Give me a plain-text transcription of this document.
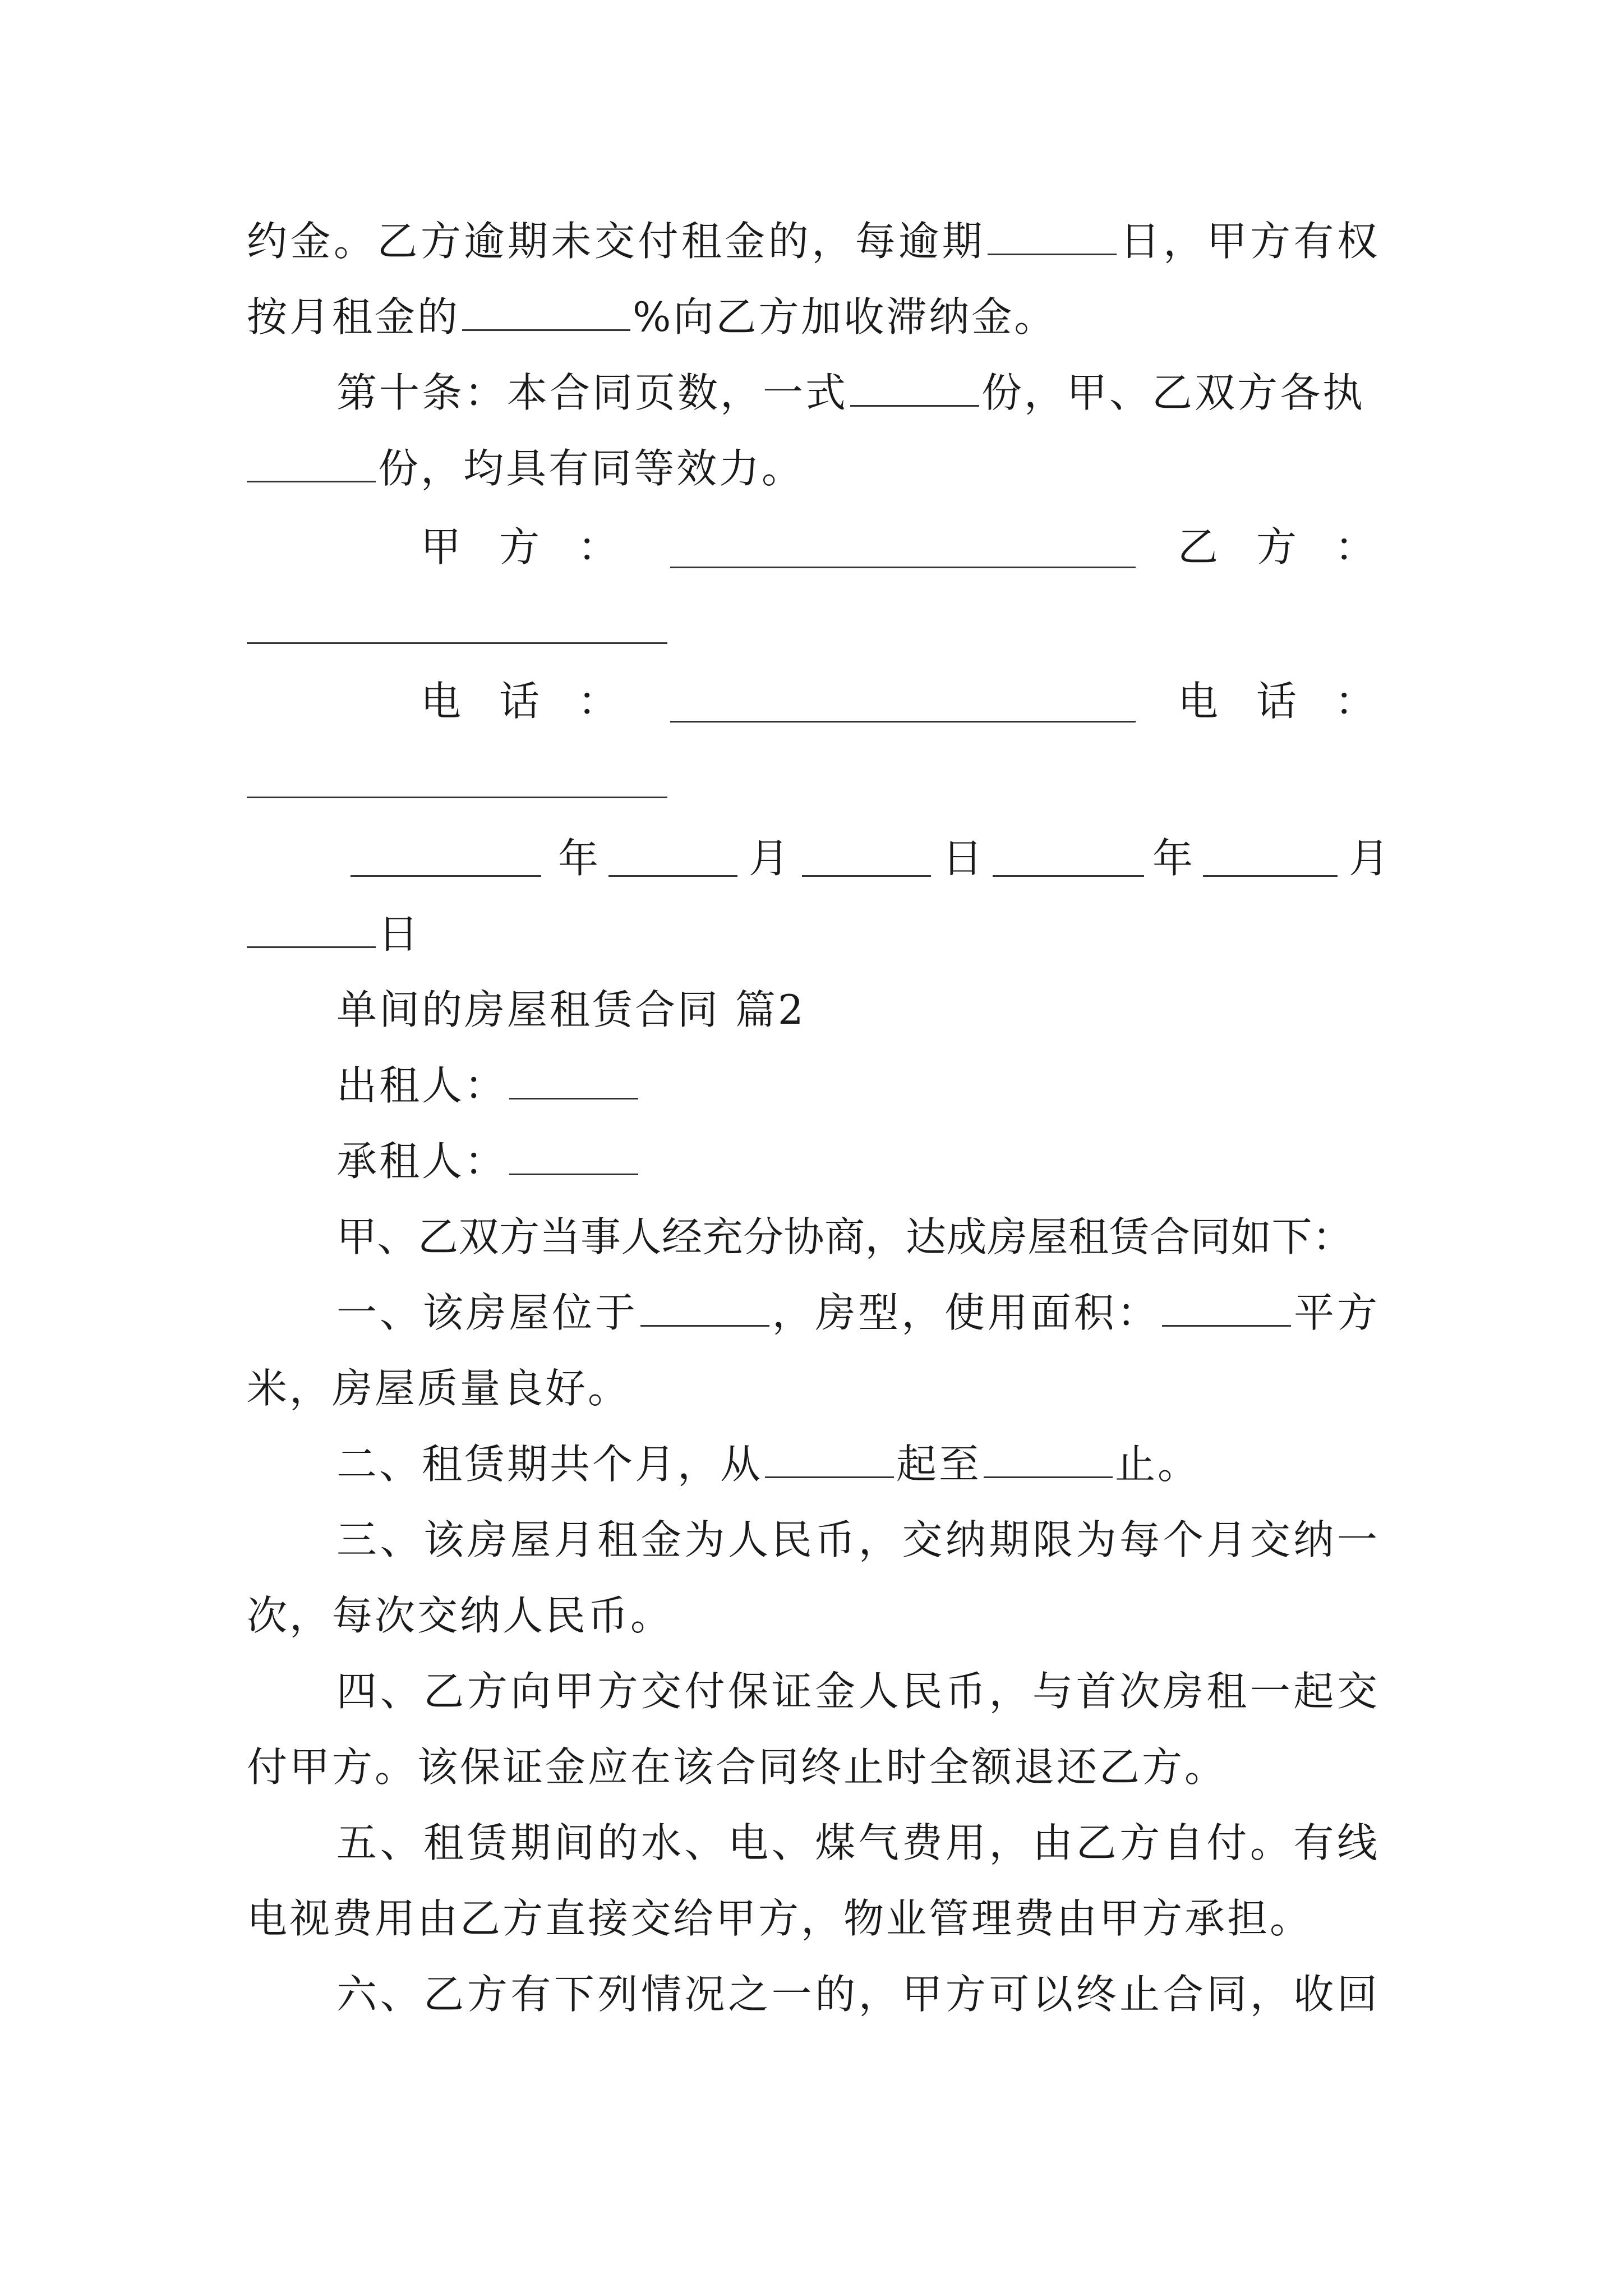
约金。乙方逾期未交付租金的，每逾期	日，甲方有权
按月租金的	%向乙方加收滞纳金。
第十条：本合同页数，一式	份，甲、乙双方各执
份，均具有同等效力。
甲 方 ：	乙 方 ：
电 话 ：	电 话 ：
年	月	日	年	月
日
单间的房屋租赁合同 篇2
出租人：
承租人：
甲、乙双方当事人经充分协商，达成房屋租赁合同如下：
一、该房屋位于	，房型，使用面积：	平方
米，房屋质量良好。
二、租赁期共个月，从	起至	止。
三、该房屋月租金为人民币，交纳期限为每个月交纳一
次，每次交纳人民币。
四、乙方向甲方交付保证金人民币，与首次房租一起交
付甲方。该保证金应在该合同终止时全额退还乙方。
五、租赁期间的水、电、煤气费用，由乙方自付。有线
电视费用由乙方直接交给甲方，物业管理费由甲方承担。
六、乙方有下列情况之一的，甲方可以终止合同，收回
